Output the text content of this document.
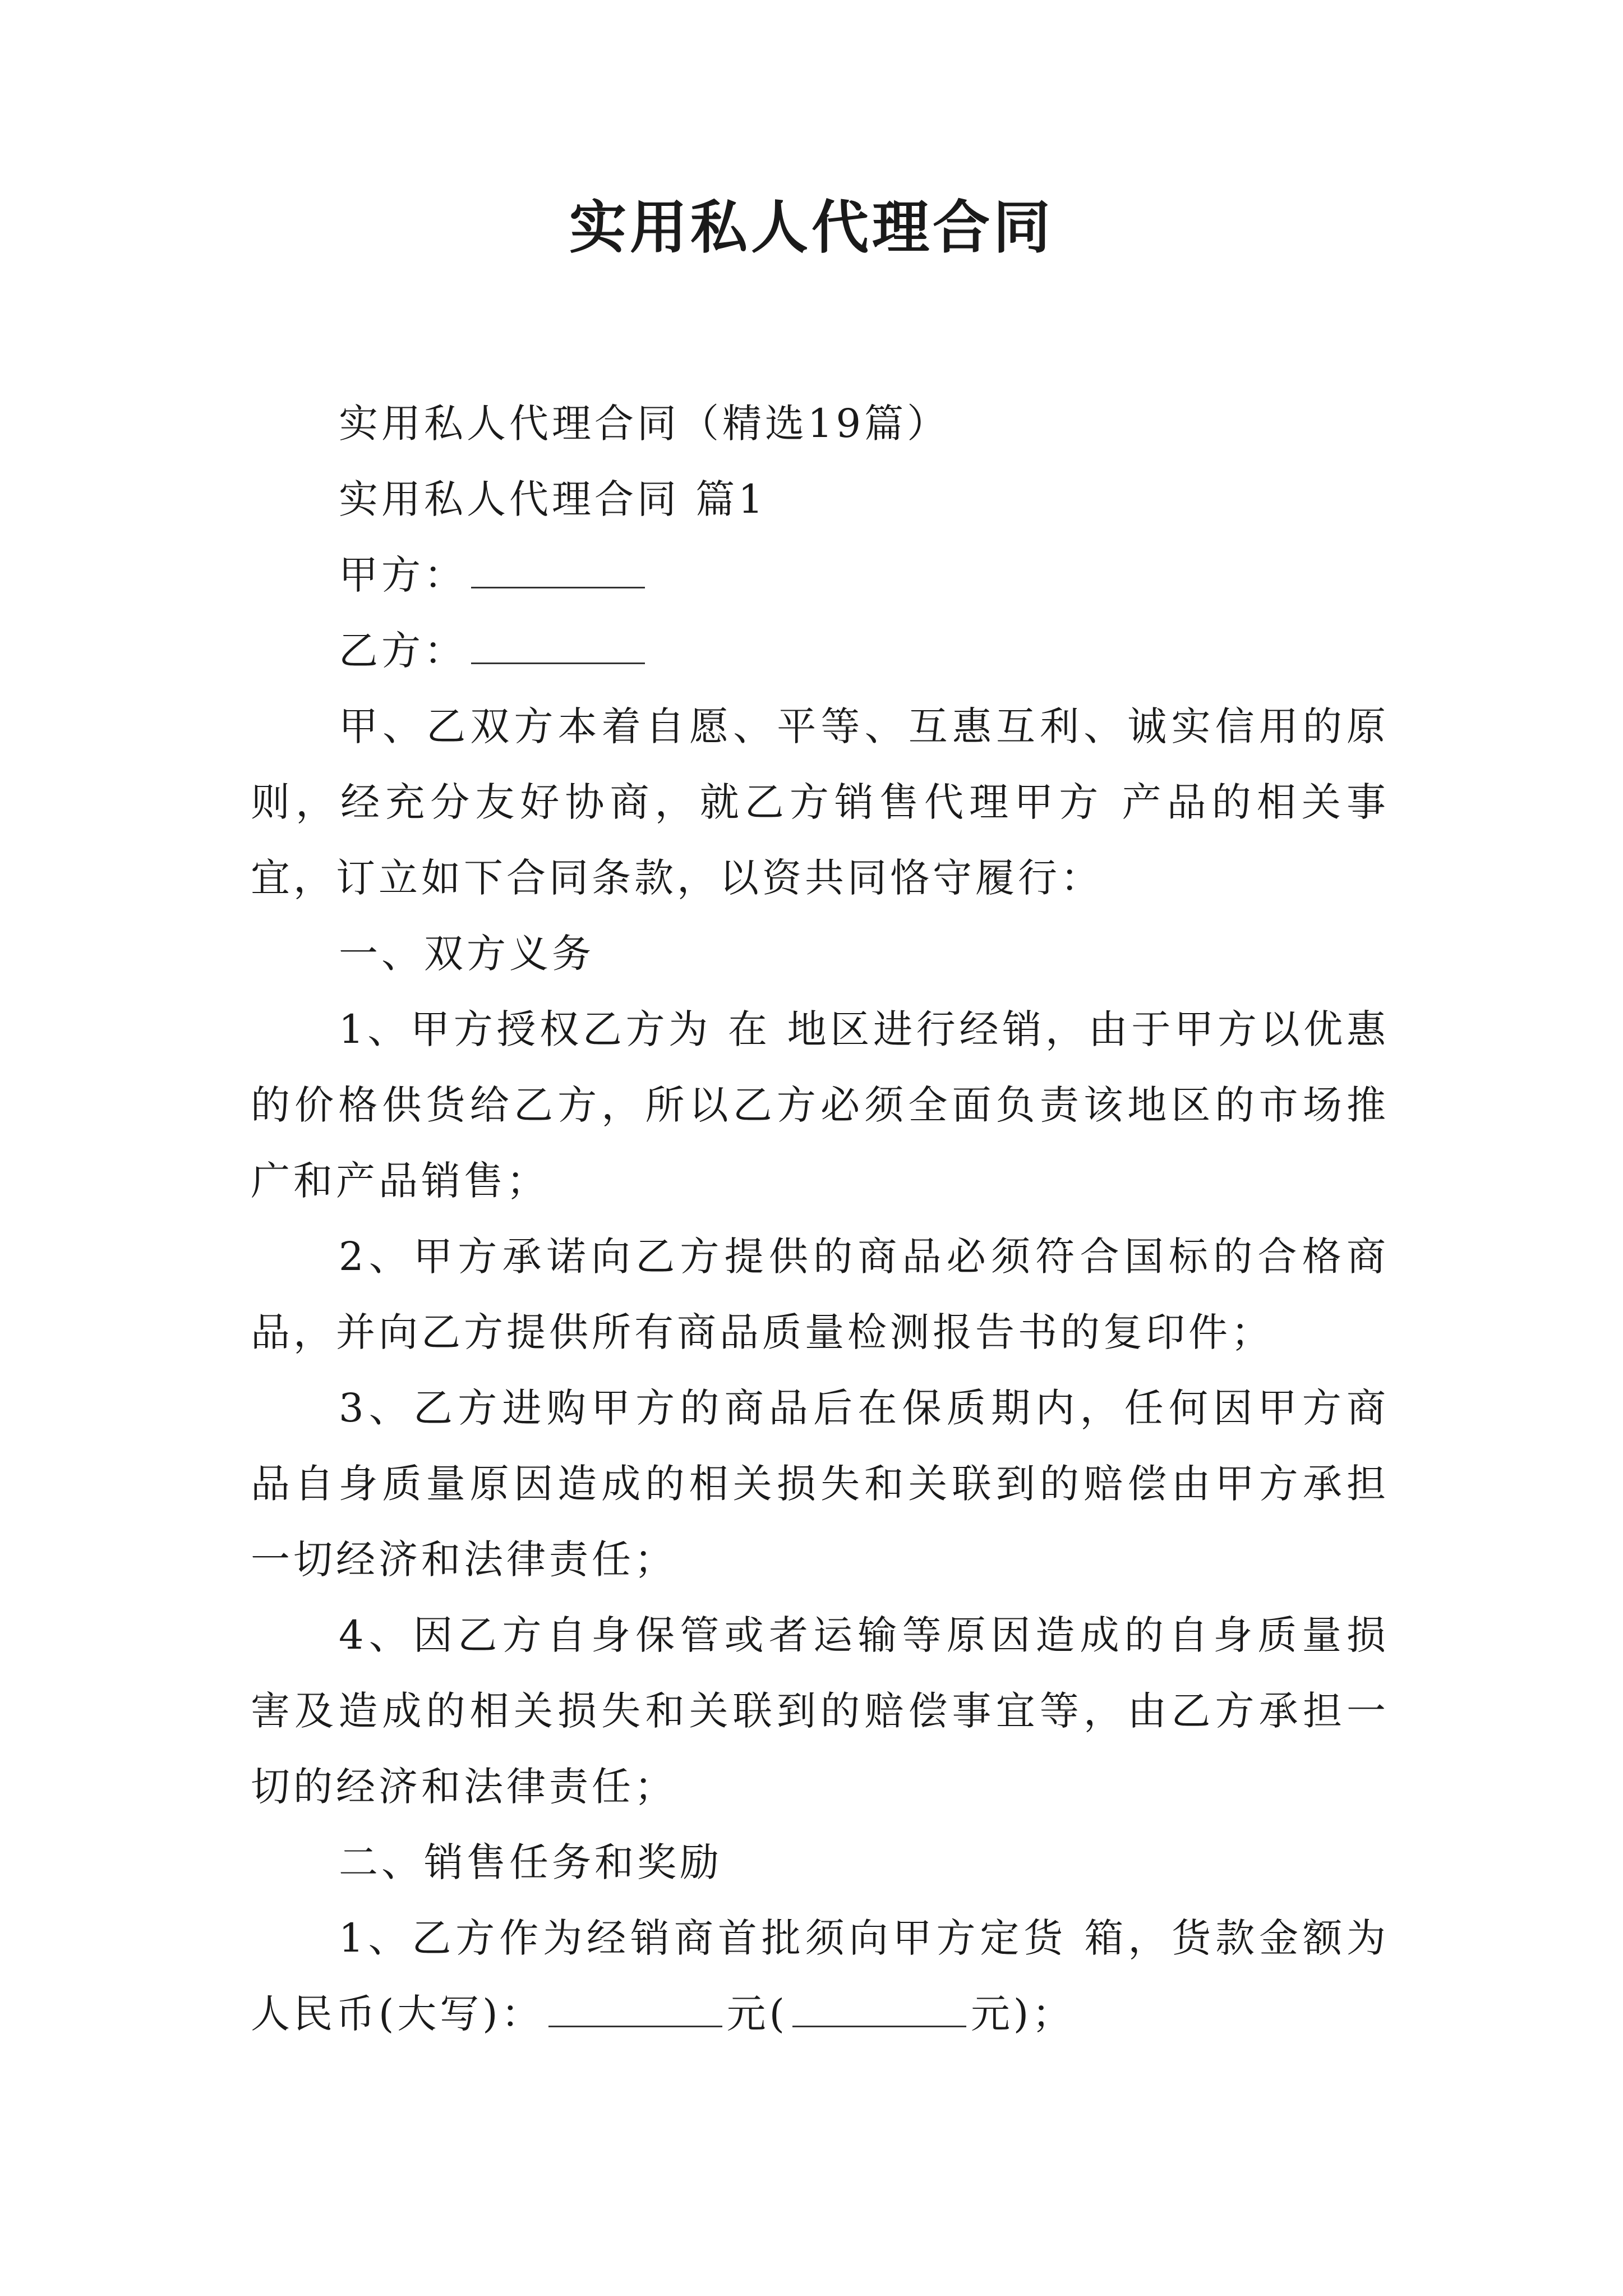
实用私人代理合同

实用私人代理合同（精选19篇）

实用私人代理合同 篇1

甲方：

乙方：

甲、乙双方本着自愿、平等、互惠互利、诚实信用的原则，经充分友好协商，就乙方销售代理甲方 产品的相关事宜，订立如下合同条款，以资共同恪守履行：

一、双方义务

1、甲方授权乙方为 在 地区进行经销，由于甲方以优惠的价格供货给乙方，所以乙方必须全面负责该地区的市场推广和产品销售；

2、甲方承诺向乙方提供的商品必须符合国标的合格商品，并向乙方提供所有商品质量检测报告书的复印件；

3、乙方进购甲方的商品后在保质期内，任何因甲方商品自身质量原因造成的相关损失和关联到的赔偿由甲方承担一切经济和法律责任；

4、因乙方自身保管或者运输等原因造成的自身质量损害及造成的相关损失和关联到的赔偿事宜等，由乙方承担一切的经济和法律责任；

二、销售任务和奖励

1、乙方作为经销商首批须向甲方定货 箱，货款金额为人民币(大写)：	元(	元)；
